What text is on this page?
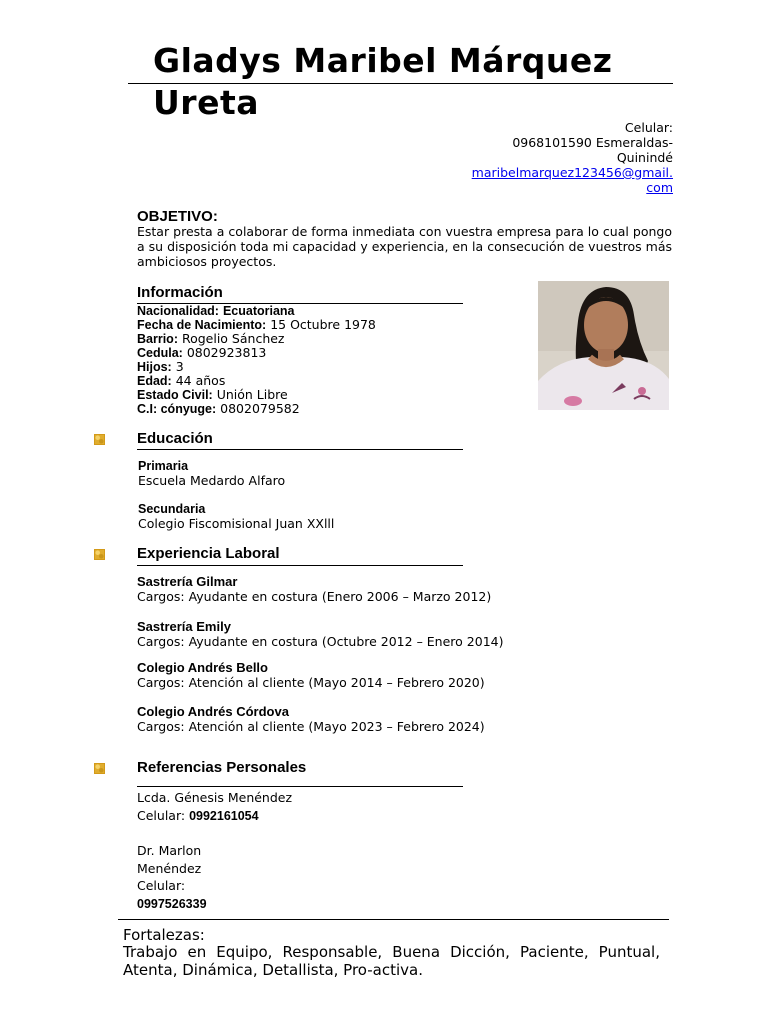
Gladys Maribel Márquez Ureta
Celular:
0968101590 Esmeraldas-
Quinindé
maribelmarquez123456@gmail.
com
OBJETIVO:
Estar presta a colaborar de forma inmediata con vuestra empresa para lo cual pongo a su disposición toda mi capacidad y experiencia, en la consecución de vuestros más ambiciosos proyectos.
Información
Nacionalidad: Ecuatoriana
Fecha de Nacimiento: 15 Octubre 1978
Barrio: Rogelio Sánchez
Cedula: 0802923813
Hijos: 3
Edad: 44 años
Estado Civil: Unión Libre
C.I: cónyuge: 0802079582
Educación
Primaria
Escuela Medardo Alfaro
Secundaria
Colegio Fiscomisional Juan XXlll
Experiencia Laboral
Sastrería Gilmar
Cargos: Ayudante en costura (Enero 2006 – Marzo 2012)
Sastrería Emily
Cargos: Ayudante en costura (Octubre 2012 – Enero 2014)
Colegio Andrés Bello
Cargos: Atención al cliente (Mayo 2014 – Febrero 2020)
Colegio Andrés Córdova
Cargos: Atención al cliente (Mayo 2023 – Febrero 2024)
Referencias Personales
Lcda. Génesis Menéndez
Celular: 0992161054
Dr. Marlon
Menéndez
Celular:
0997526339
Fortalezas:
Trabajo en Equipo, Responsable, Buena Dicción, Paciente, Puntual, Atenta, Dinámica, Detallista, Pro-activa.
